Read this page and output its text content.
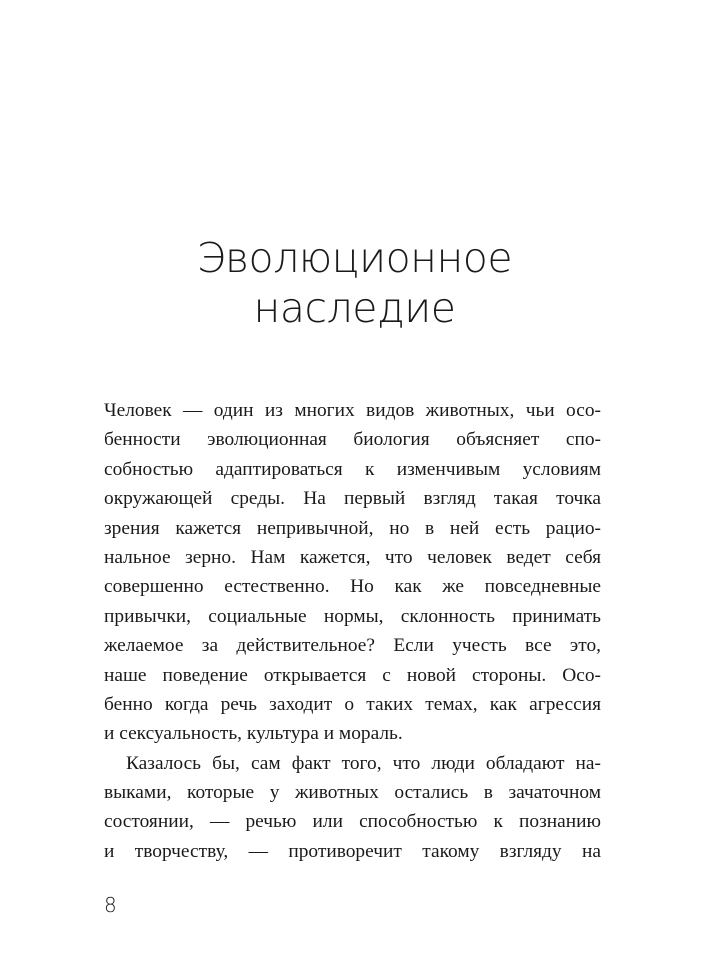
Эволюционное
наследие
Человек — один из многих видов животных, чьи осо-
бенности эволюционная биология объясняет спо-
собностью адаптироваться к изменчивым условиям
окружающей среды. На первый взгляд такая точка
зрения кажется непривычной, но в ней есть рацио-
нальное зерно. Нам кажется, что человек ведет себя
совершенно естественно. Но как же повседневные
привычки, социальные нормы, склонность принимать
желаемое за действительное? Если учесть все это,
наше поведение открывается с новой стороны. Осо-
бенно когда речь заходит о таких темах, как агрессия
и сексуальность, культура и мораль.
Казалось бы, сам факт того, что люди обладают на-
выками, которые у животных остались в зачаточном
состоянии, — речью или способностью к познанию
и творчеству, — противоречит такому взгляду на
8
